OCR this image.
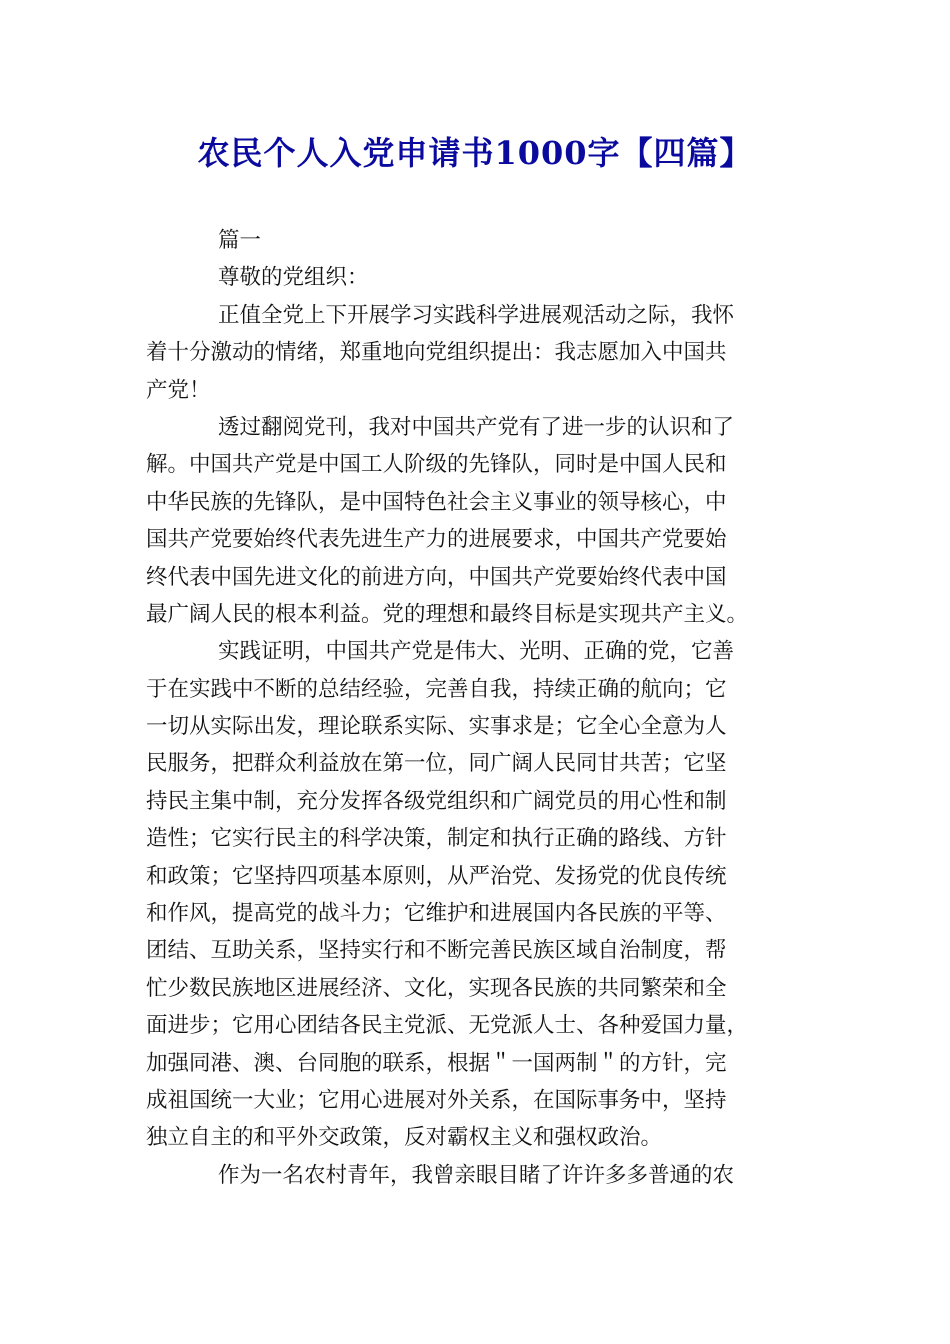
农民个人入党申请书1000字【四篇】
篇一
尊敬的党组织：
正值全党上下开展学习实践科学进展观活动之际，我怀
着十分激动的情绪，郑重地向党组织提出：我志愿加入中国共
产党！
透过翻阅党刊，我对中国共产党有了进一步的认识和了
解。中国共产党是中国工人阶级的先锋队，同时是中国人民和
中华民族的先锋队，是中国特色社会主义事业的领导核心，中
国共产党要始终代表先进生产力的进展要求，中国共产党要始
终代表中国先进文化的前进方向，中国共产党要始终代表中国
最广阔人民的根本利益。党的理想和最终目标是实现共产主义。
实践证明，中国共产党是伟大、光明、正确的党，它善
于在实践中不断的总结经验，完善自我，持续正确的航向；它
一切从实际出发，理论联系实际、实事求是；它全心全意为人
民服务，把群众利益放在第一位，同广阔人民同甘共苦；它坚
持民主集中制，充分发挥各级党组织和广阔党员的用心性和制
造性；它实行民主的科学决策，制定和执行正确的路线、方针
和政策；它坚持四项基本原则，从严治党、发扬党的优良传统
和作风，提高党的战斗力；它维护和进展国内各民族的平等、
团结、互助关系，坚持实行和不断完善民族区域自治制度，帮
忙少数民族地区进展经济、文化，实现各民族的共同繁荣和全
面进步；它用心团结各民主党派、无党派人士、各种爱国力量，
加强同港、澳、台同胞的联系，根据＂一国两制＂的方针，完
成祖国统一大业；它用心进展对外关系，在国际事务中，坚持
独立自主的和平外交政策，反对霸权主义和强权政治。
作为一名农村青年，我曾亲眼目睹了许许多多普通的农
